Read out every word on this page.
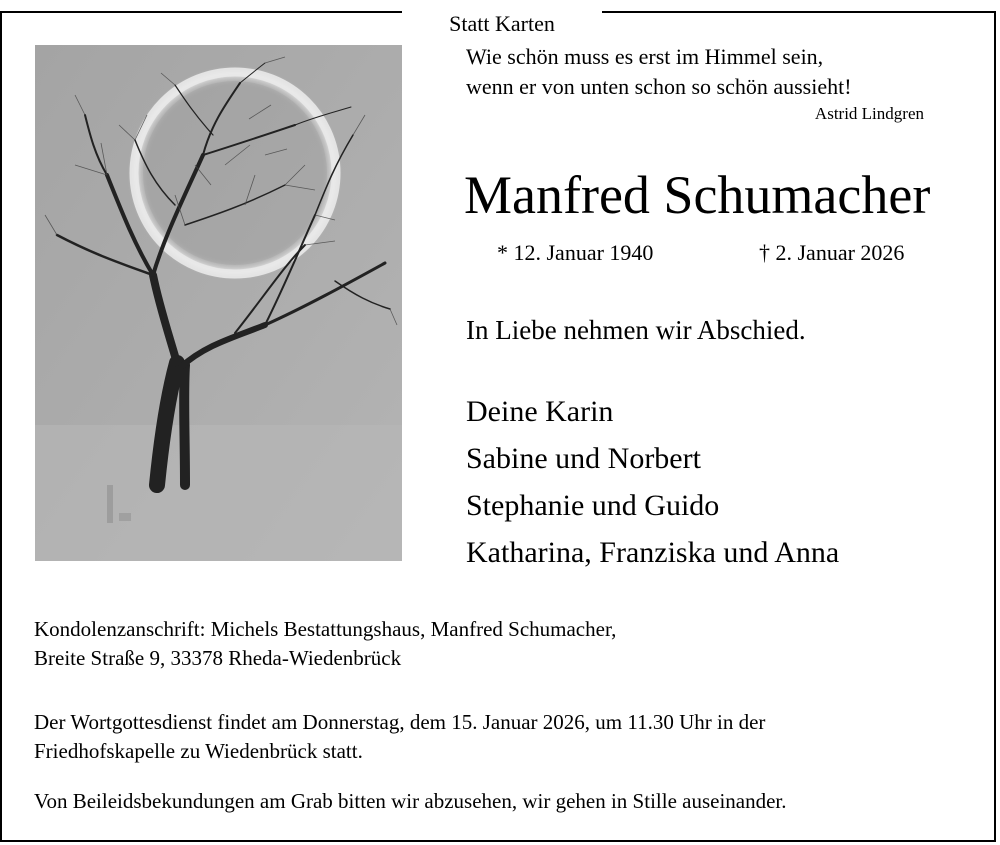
Statt Karten
Wie schön muss es erst im Himmel sein,
wenn er von unten schon so schön aussieht!
Astrid Lindgren
Manfred Schumacher
* 12. Januar 1940	† 2. Januar 2026
In Liebe nehmen wir Abschied.
Deine Karin
Sabine und Norbert
Stephanie und Guido
Katharina, Franziska und Anna
Kondolenzanschrift: Michels Bestattungshaus, Manfred Schumacher,
Breite Straße 9, 33378 Rheda-Wiedenbrück
Der Wortgottesdienst findet am Donnerstag, dem 15. Januar 2026, um 11.30 Uhr in der
Friedhofskapelle zu Wiedenbrück statt.
Von Beileidsbekundungen am Grab bitten wir abzusehen, wir gehen in Stille auseinander.
